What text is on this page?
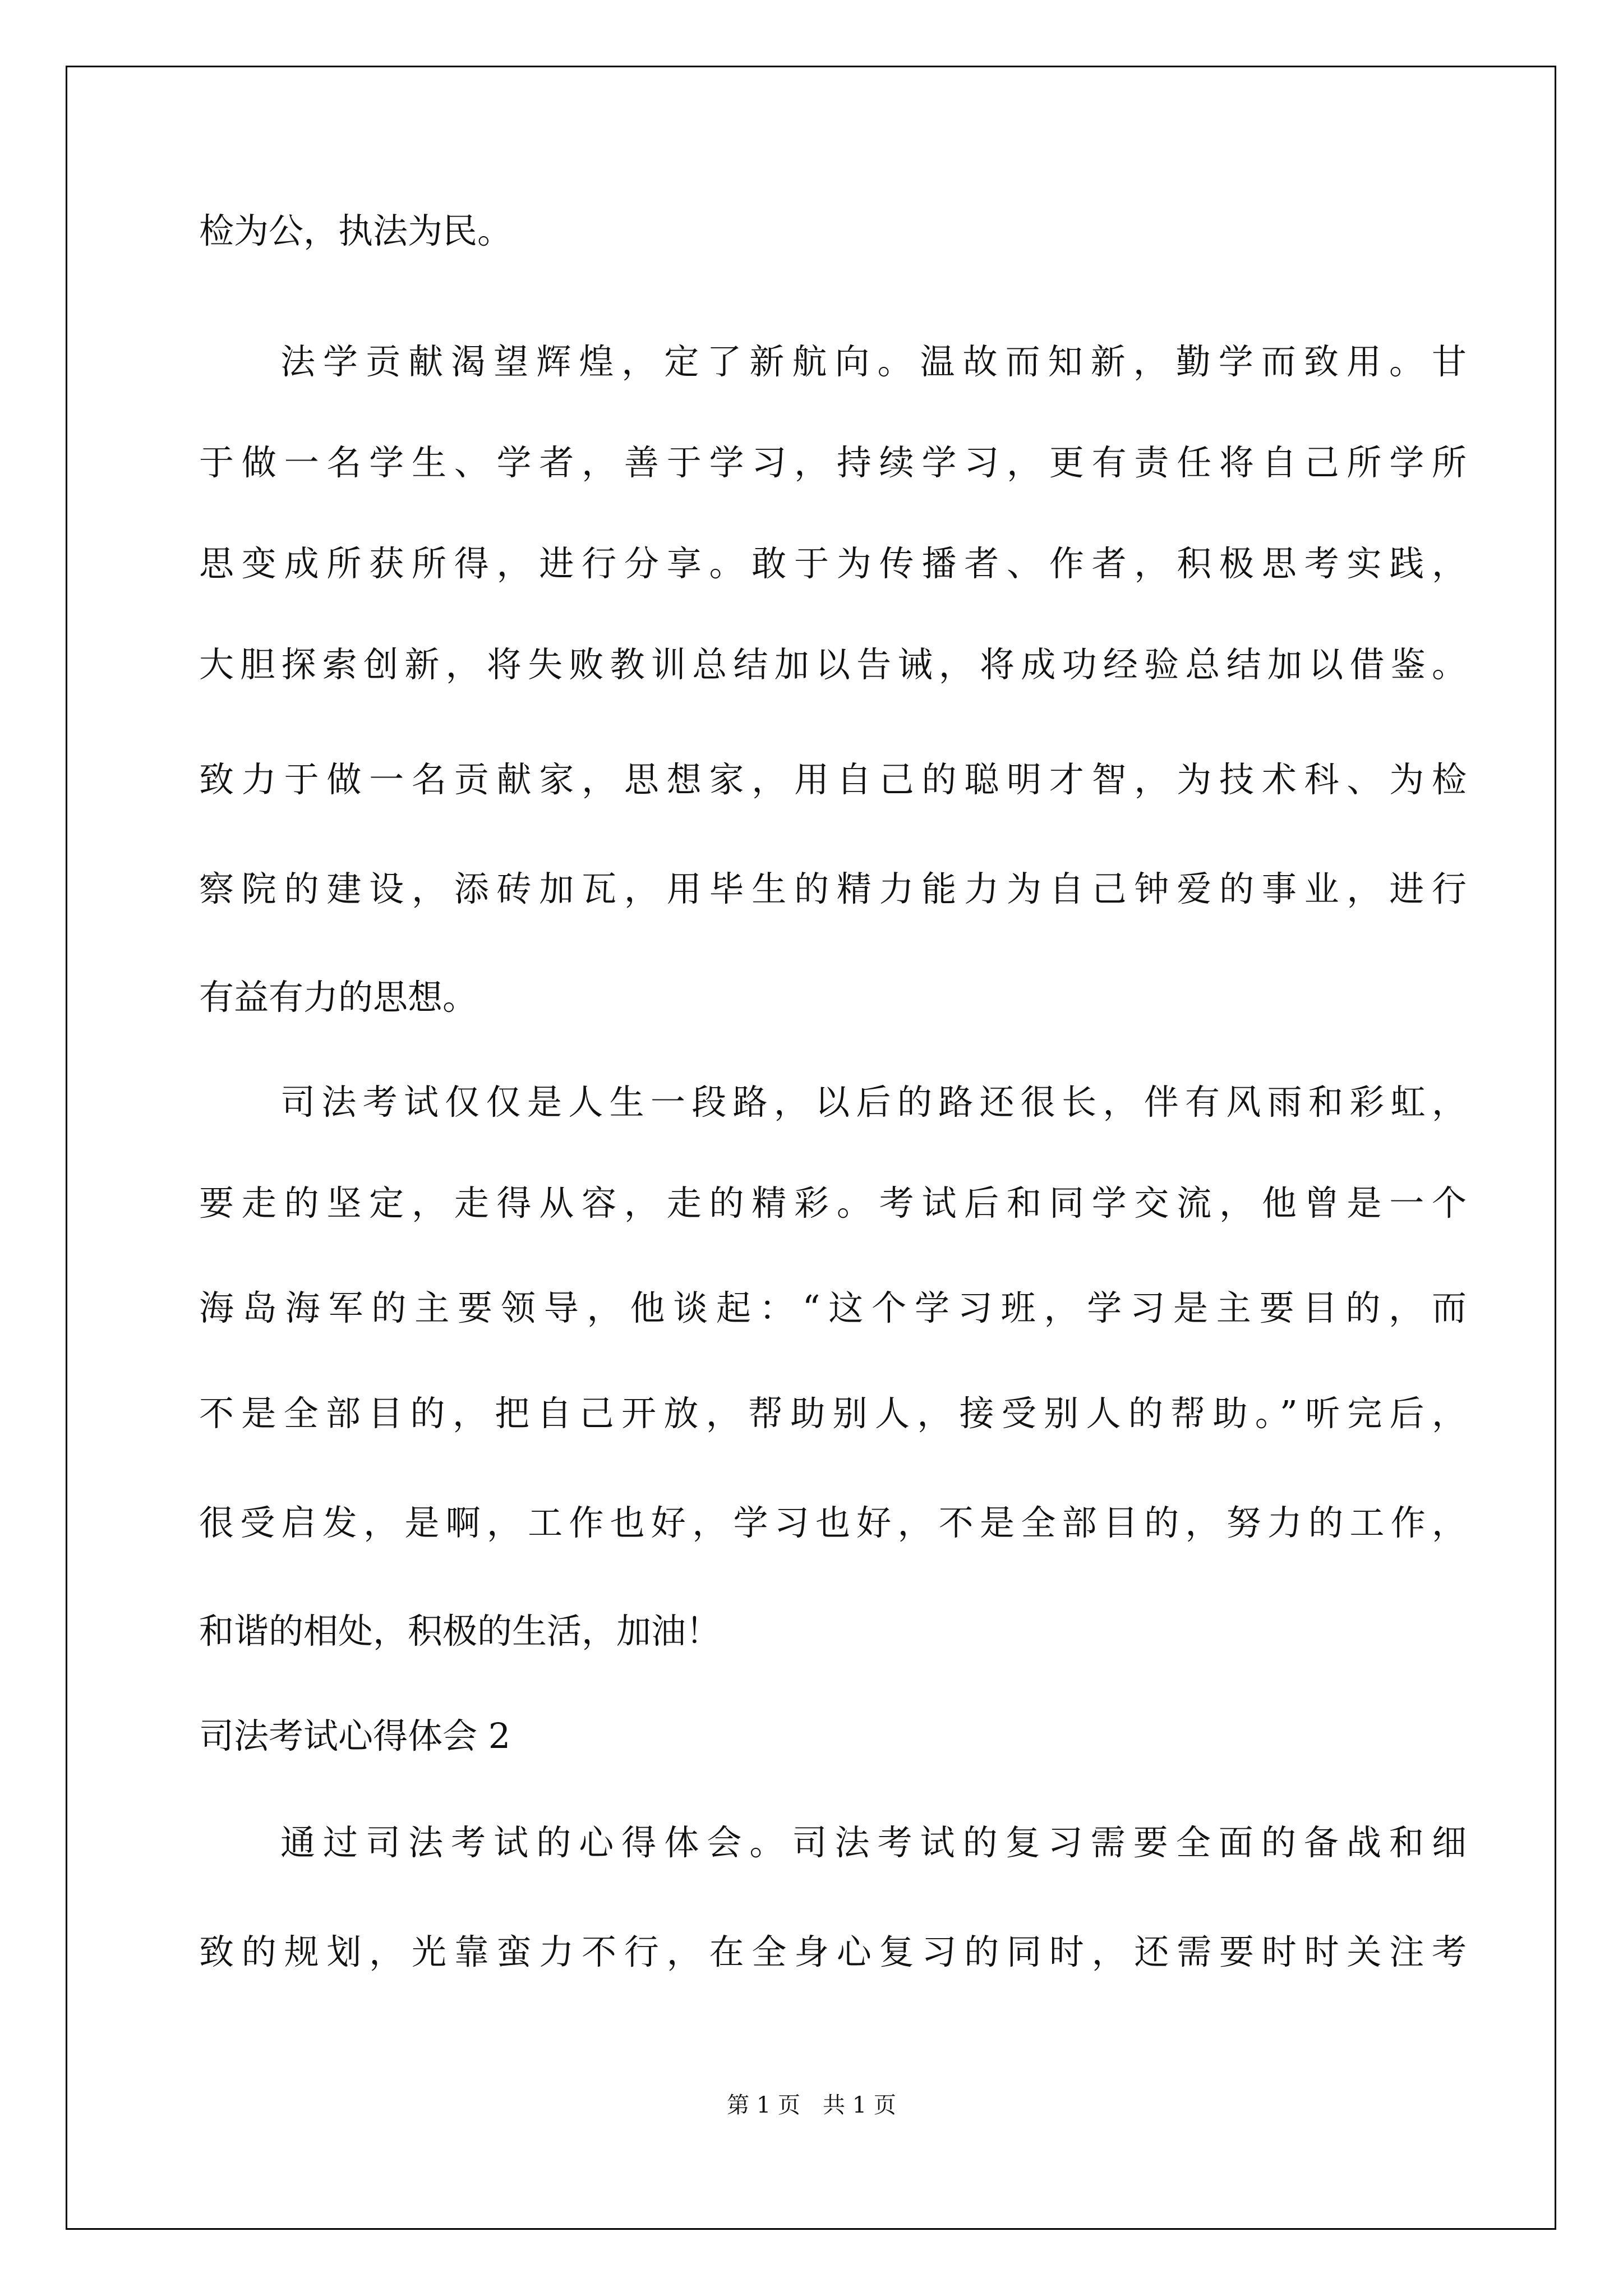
检为公，执法为民。
法学贡献渴望辉煌，定了新航向。温故而知新，勤学而致用。甘
于做一名学生、学者，善于学习，持续学习，更有责任将自己所学所
思变成所获所得，进行分享。敢于为传播者、作者，积极思考实践，
大胆探索创新，将失败教训总结加以告诫，将成功经验总结加以借鉴。
致力于做一名贡献家，思想家，用自己的聪明才智，为技术科、为检
察院的建设，添砖加瓦，用毕生的精力能力为自己钟爱的事业，进行
有益有力的思想。
司法考试仅仅是人生一段路，以后的路还很长，伴有风雨和彩虹，
要走的坚定，走得从容，走的精彩。考试后和同学交流，他曾是一个
海岛海军的主要领导，他谈起：“这个学习班，学习是主要目的，而
不是全部目的，把自己开放，帮助别人，接受别人的帮助。”听完后，
很受启发，是啊，工作也好，学习也好，不是全部目的，努力的工作，
和谐的相处，积极的生活，加油！
司法考试心得体会 2
通过司法考试的心得体会。司法考试的复习需要全面的备战和细
致的规划，光靠蛮力不行，在全身心复习的同时，还需要时时关注考
第 1 页　共 1 页
